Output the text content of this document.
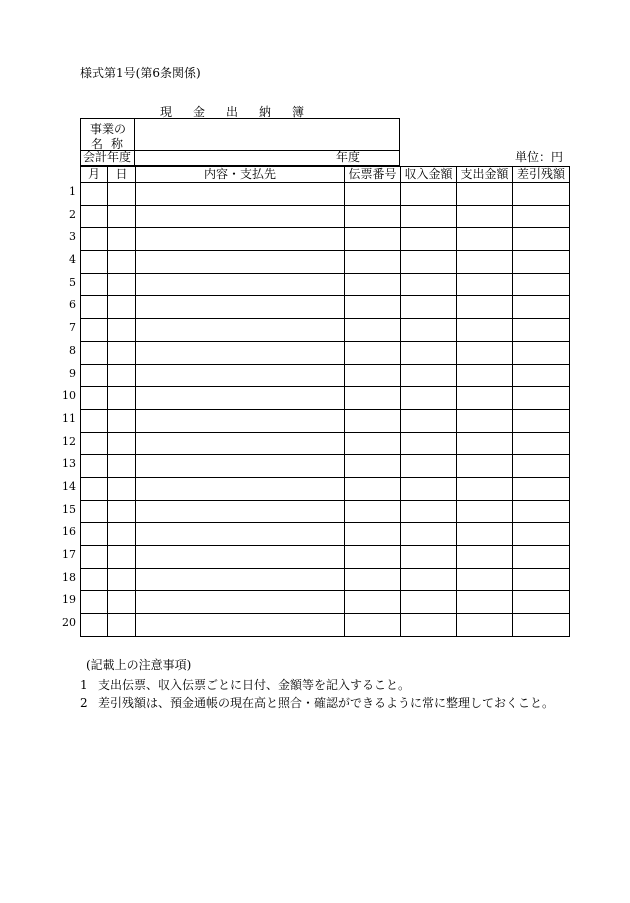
様式第1号(第6条関係)
現金出納簿
事業の
名称
会計年度	年度	単位：円
月	日	内容・支払先	伝票番号	収入金額	支出金額	差引残額

1
2
3
4
5
6
7
8
9
10
11
12
13
14
15
16
17
18
19
20
(記載上の注意事項)
1 支出伝票、収入伝票ごとに日付、金額等を記入すること。
2 差引残額は、預金通帳の現在高と照合・確認ができるように常に整理しておくこと。
